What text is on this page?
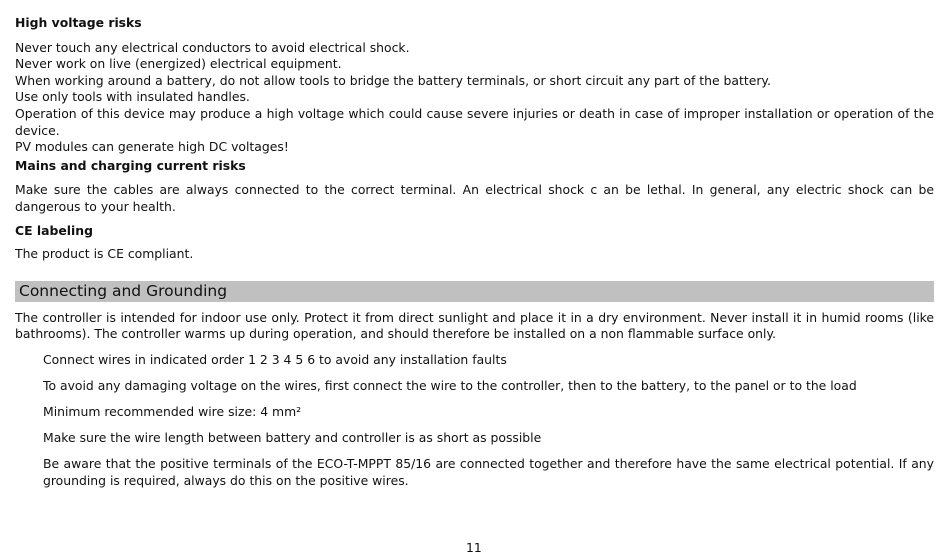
High voltage risks
Never touch any electrical conductors to avoid electrical shock.
Never work on live (energized) electrical equipment.
When working around a battery, do not allow tools to bridge the battery terminals, or short circuit any part of the battery.
Use only tools with insulated handles.
Operation of this device may produce a high voltage which could cause severe injuries or death in case of improper installation or operation of the device.
PV modules can generate high DC voltages!
Mains and charging current risks
Make sure the cables are always connected to the correct terminal. An electrical shock c an be lethal. In general, any electric shock can be dangerous to your health.
CE labeling
The product is CE compliant.
Connecting and Grounding
The controller is intended for indoor use only. Protect it from direct sunlight and place it in a dry environment. Never install it in humid rooms (like bathrooms). The controller warms up during operation, and should therefore be installed on a non flammable surface only.
Connect wires in indicated order 1 2 3 4 5 6 to avoid any installation faults
To avoid any damaging voltage on the wires, first connect the wire to the controller, then to the battery, to the panel or to the load
Minimum recommended wire size: 4 mm²
Make sure the wire length between battery and controller is as short as possible
Be aware that the positive terminals of the ECO-T-MPPT 85/16 are connected together and therefore have the same electrical potential. If any grounding is required, always do this on the positive wires.
11
